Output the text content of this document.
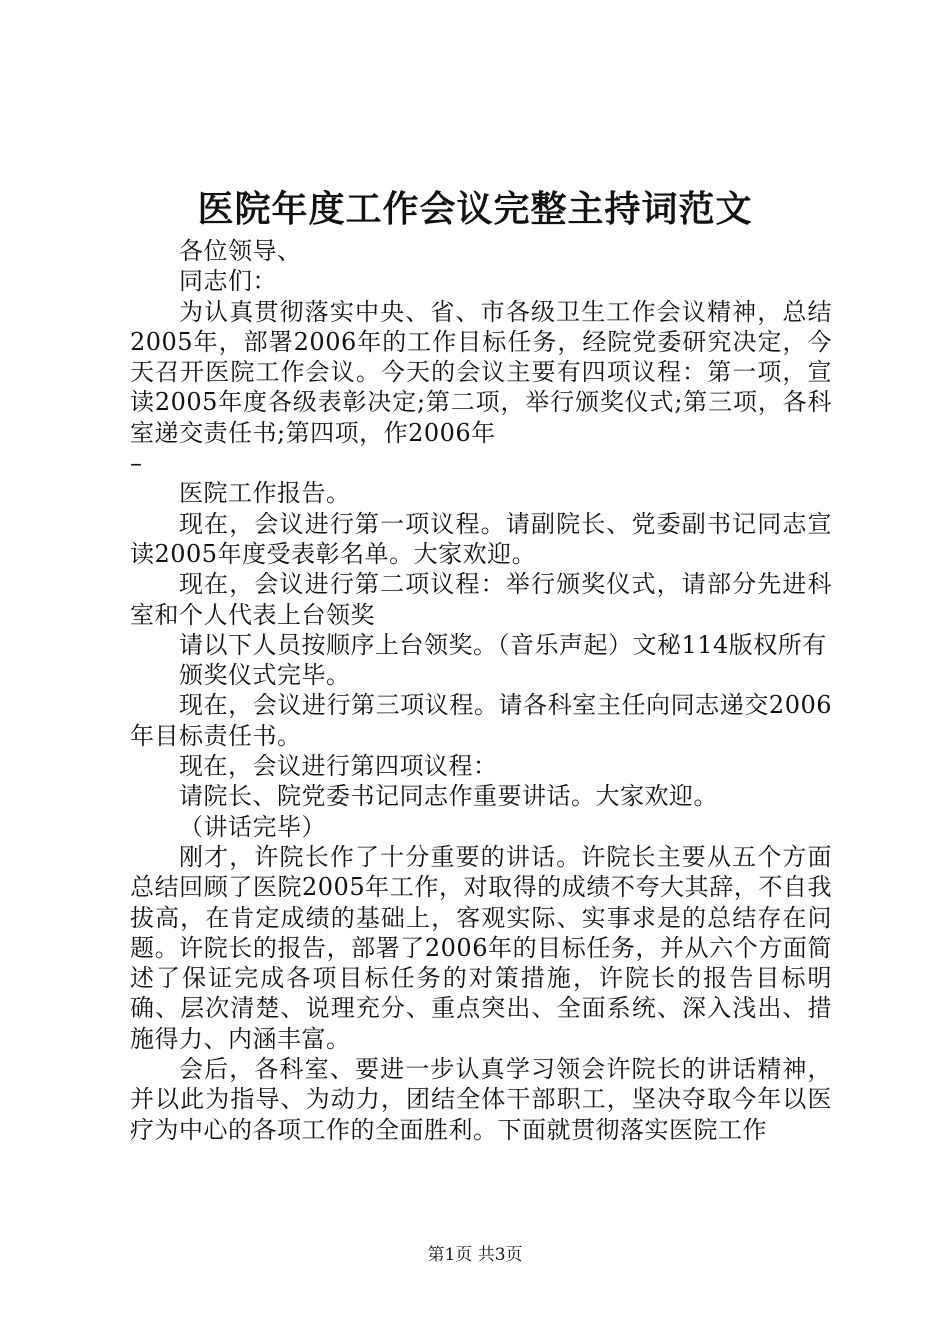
医院年度工作会议完整主持词范文

各位领导、

同志们：

为认真贯彻落实中央、省、市各级卫生工作会议精神，总结2005年，部署2006年的工作目标任务，经院党委研究决定，今天召开医院工作会议。今天的会议主要有四项议程：第一项，宣读2005年度各级表彰决定;第二项，举行颁奖仪式;第三项，各科室递交责任书;第四项，作2006年

–

医院工作报告。

现在，会议进行第一项议程。请副院长、党委副书记同志宣读2005年度受表彰名单。大家欢迎。

现在，会议进行第二项议程：举行颁奖仪式，请部分先进科室和个人代表上台领奖

请以下人员按顺序上台领奖。（音乐声起）文秘114版权所有

颁奖仪式完毕。

现在，会议进行第三项议程。请各科室主任向同志递交2006年目标责任书。

现在，会议进行第四项议程：

请院长、院党委书记同志作重要讲话。大家欢迎。

（讲话完毕）

刚才，许院长作了十分重要的讲话。许院长主要从五个方面总结回顾了医院2005年工作，对取得的成绩不夸大其辞，不自我拔高，在肯定成绩的基础上，客观实际、实事求是的总结存在问题。许院长的报告，部署了2006年的目标任务，并从六个方面简述了保证完成各项目标任务的对策措施，许院长的报告目标明确、层次清楚、说理充分、重点突出、全面系统、深入浅出、措施得力、内涵丰富。

会后，各科室、要进一步认真学习领会许院长的讲话精神，并以此为指导、为动力，团结全体干部职工，坚决夺取今年以医疗为中心的各项工作的全面胜利。下面就贯彻落实医院工作

第1页 共3页
